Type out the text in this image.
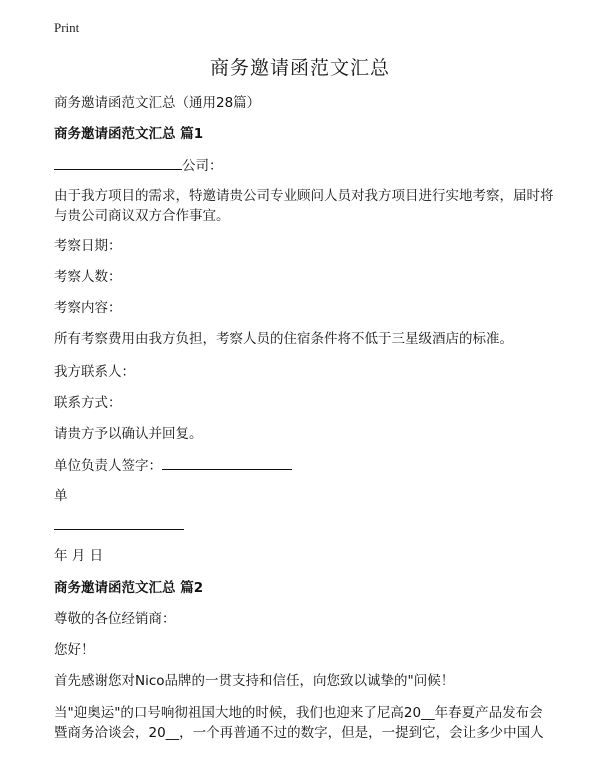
Print
商务邀请函范文汇总
商务邀请函范文汇总（通用28篇）
商务邀请函范文汇总 篇1
公司：
由于我方项目的需求，特邀请贵公司专业顾问人员对我方项目进行实地考察，届时将与贵公司商议双方合作事宜。
考察日期：
考察人数：
考察内容：
所有考察费用由我方负担，考察人员的住宿条件将不低于三星级酒店的标准。
我方联系人：
联系方式：
请贵方予以确认并回复。
单位负责人签字：
单
年 月 日
商务邀请函范文汇总 篇2
尊敬的各位经销商：
您好！
首先感谢您对Nico品牌的一贯支持和信任，向您致以诚挚的"问候！
当"迎奥运"的口号响彻祖国大地的时候，我们也迎来了尼高20__年春夏产品发布会
暨商务洽谈会，20__，一个再普通不过的数字，但是，一提到它，会让多少中国人
